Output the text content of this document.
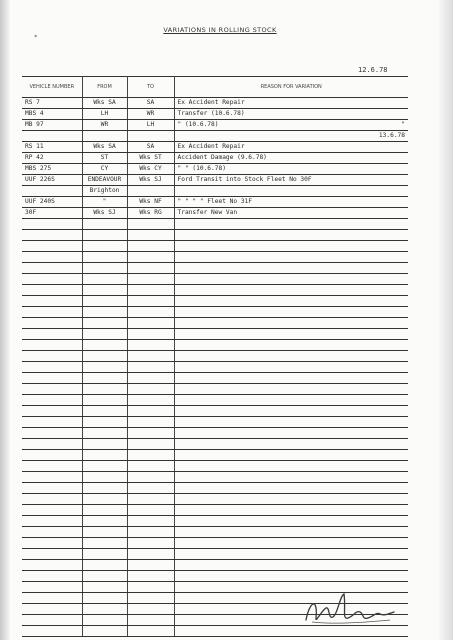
*
VARIATIONS IN ROLLING STOCK
12.6.78
VEHICLE NUMBER	FROM	TO	REASON FOR VARIATION
RS 7	Wks SA	SA	Ex Accident Repair
MBS 4	LH	WR	Transfer (10.6.78)
MB 97	WR	LH	" (10.6.78) "

			13.6.78

RS 11	Wks SA	SA	Ex Accident Repair
RP 42	ST	Wks ST	Accident Damage (9.6.78)
MBS 275	CY	Wks CY	" " (10.6.78)
UUF 226S	ENDEAVOUR	Wks SJ	Ford Transit into Stock Fleet No 30F
	Brighton		
UUF 240S	"	Wks NF	" " " " Fleet No 31F
30F	Wks SJ	Wks RG	Transfer New Van
